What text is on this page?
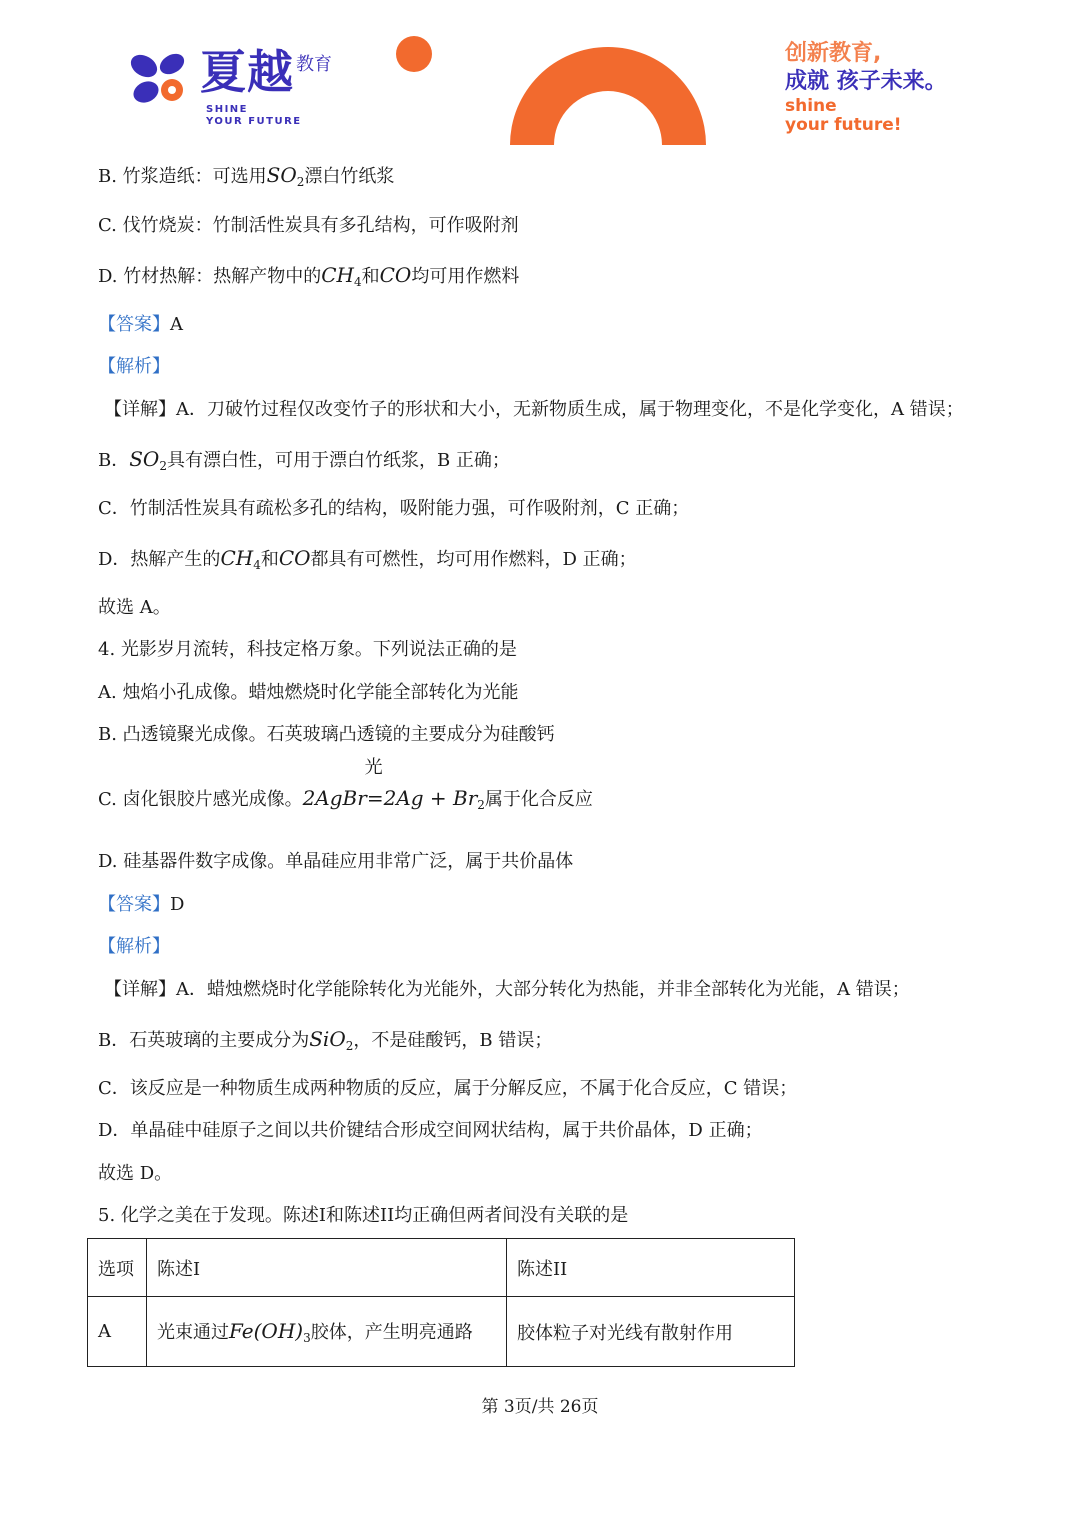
夏越 教育
SHINE
YOUR FUTURE
创新教育,
成就 孩子未来。
shine
your future!
B. 竹浆造纸：可选用$SO_2$漂白竹纸浆
C. 伐竹烧炭：竹制活性炭具有多孔结构，可作吸附剂
D. 竹材热解：热解产物中的$CH_4$和CO均可用作燃料
【答案】A
【解析】
【详解】A．刀破竹过程仅改变竹子的形状和大小，无新物质生成，属于物理变化，不是化学变化，A 错误；
B．$SO_2$具有漂白性，可用于漂白竹纸浆，B 正确；
C．竹制活性炭具有疏松多孔的结构，吸附能力强，可作吸附剂，C 正确；
D．热解产生的$CH_4$和CO都具有可燃性，均可用作燃料，D 正确；
故选 A。
4. 光影岁月流转，科技定格万象。下列说法正确的是
A. 烛焰小孔成像。蜡烛燃烧时化学能全部转化为光能
B. 凸透镜聚光成像。石英玻璃凸透镜的主要成分为硅酸钙
C. 卤化银胶片感光成像。2AgBr=
光
$2Ag + Br_2$属于化合反应
D. 硅基器件数字成像。单晶硅应用非常广泛，属于共价晶体
【答案】D
【解析】
【详解】A．蜡烛燃烧时化学能除转化为光能外，大部分转化为热能，并非全部转化为光能，A 错误；
B．石英玻璃的主要成分为SiO$_2$，不是硅酸钙，B 错误；
C．该反应是一种物质生成两种物质的反应，属于分解反应，不属于化合反应，C 错误；
D．单晶硅中硅原子之间以共价键结合形成空间网状结构，属于共价晶体，D 正确；
故选 D。
5. 化学之美在于发现。陈述I和陈述II均正确但两者间没有关联的是
选项	陈述I	陈述II
A	光束通过$Fe(OH)_3$胶体，产生明亮通路	胶体粒子对光线有散射作用
第 3页/共 26页
